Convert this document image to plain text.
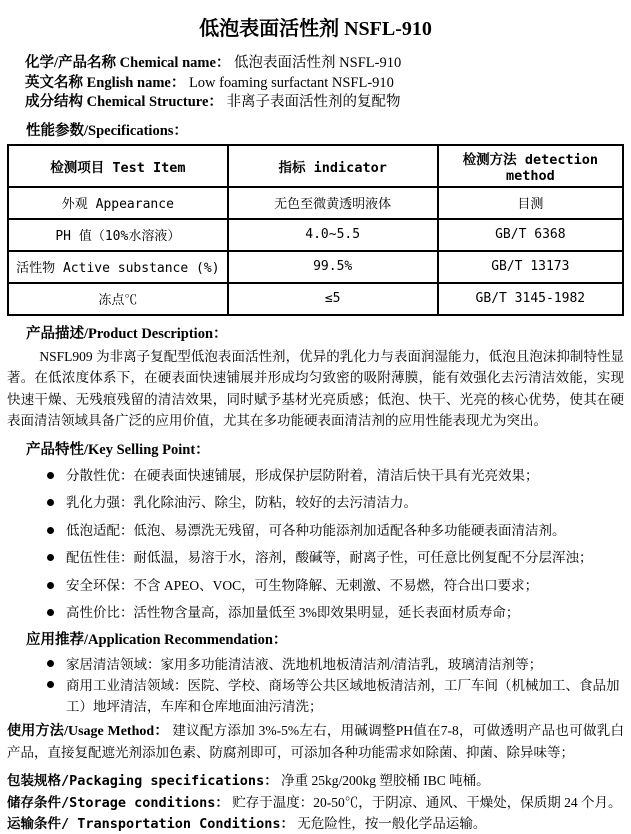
低泡表面活性剂 NSFL-910
化学/产品名称 Chemical name： 低泡表面活性剂 NSFL-910
英文名称 English name： Low foaming surfactant NSFL-910
成分结构 Chemical Structure： 非离子表面活性剂的复配物
性能参数/Specifications：
检测项目 Test Item	指标 indicator	检测方法 detection method
外观 Appearance	无色至微黄透明液体	目测
PH 值（10%水溶液）	4.0~5.5	GB/T 6368
活性物 Active substance (%)	99.5%	GB/T 13173
冻点℃	≤5	GB/T 3145-1982
产品描述/Product Description：

NSFL909 为非离子复配型低泡表面活性剂，优异的乳化力与表面润湿能力，低泡且泡沫抑制特性显著。在低浓度体系下，在硬表面快速铺展并形成均匀致密的吸附薄膜，能有效强化去污清洁效能，实现快速干燥、无残痕残留的清洁效果，同时赋予基材光亮质感；低泡、快干、光亮的核心优势，使其在硬表面清洁领域具备广泛的应用价值，尤其在多功能硬表面清洁剂的应用性能表现尤为突出。

产品特性/Key Selling Point：
分散性优：在硬表面快速铺展，形成保护层防附着，清洁后快干具有光亮效果；
乳化力强：乳化除油污、除尘，防粘，较好的去污清洁力。
低泡适配：低泡、易漂洗无残留，可各种功能添剂加适配各种多功能硬表面清洁剂。
配伍性佳：耐低温，易溶于水，溶剂，酸碱等，耐离子性，可任意比例复配不分层浑浊；
安全环保：不含 APEO、VOC，可生物降解、无刺激、不易燃，符合出口要求；
高性价比：活性物含量高，添加量低至 3%即效果明显，延长表面材质寿命；
应用推荐/Application Recommendation：
家居清洁领域：家用多功能清洁液、洗地机地板清洁剂/清洁乳，玻璃清洁剂等；
商用工业清洁领域：医院、学校、商场等公共区域地板清洁剂，工厂车间（机械加工、食品加工）地坪清洁，车库和仓库地面油污清洗；

使用方法/Usage Method： 建议配方添加 3%-5%左右，用碱调整PH值在7-8，可做透明产品也可做乳白产品，直接复配遮光剂添加色素、防腐剂即可，可添加各种功能需求如除菌、抑菌、除异味等；

包装规格/Packaging specifications： 净重 25kg/200kg 塑胶桶 IBC 吨桶。

储存条件/Storage conditions： 贮存于温度：20-50℃，于阴凉、通风、干燥处，保质期 24 个月。

运输条件/ Transportation Conditions： 无危险性，按一般化学品运输。
